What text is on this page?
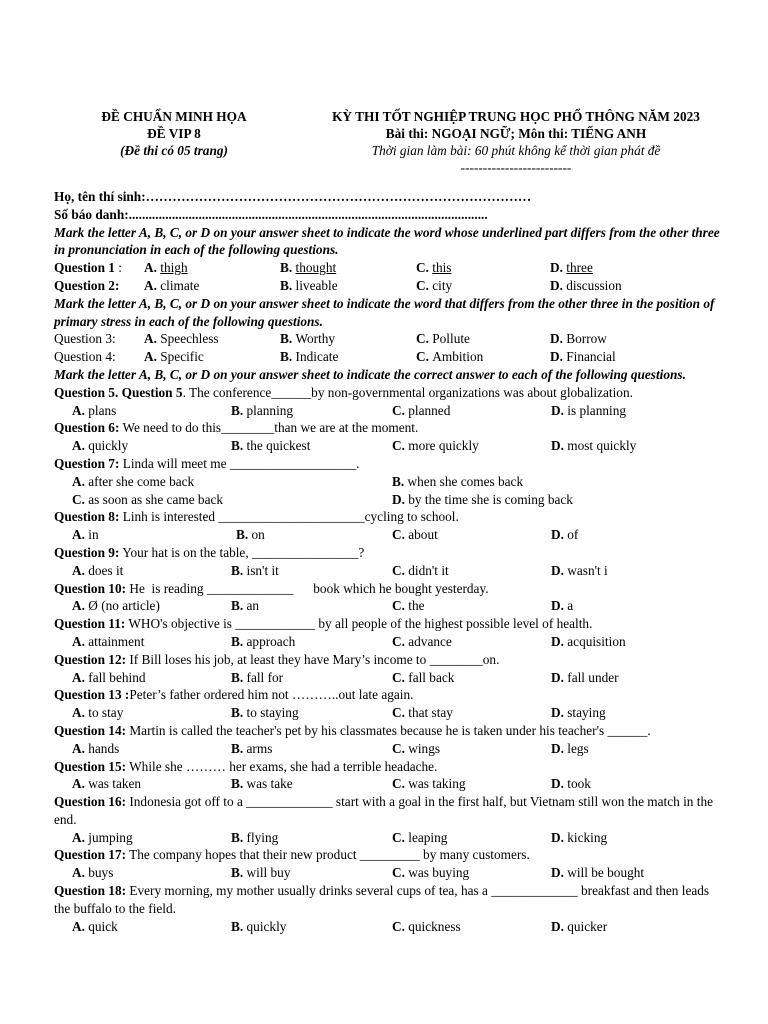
ĐỀ CHUẨN MINH HỌA
ĐỀ VIP 8
(Đề thi có 05 trang)
KỲ THI TỐT NGHIỆP TRUNG HỌC PHỔ THÔNG NĂM 2023
Bài thi: NGOẠI NGỮ; Môn thi: TIẾNG ANH
Thời gian làm bài: 60 phút không kể thời gian phát đề
-------------------------
Họ, tên thí sinh:……………………………………………………………………………
Số báo danh:............................................................................................................
Mark the letter A, B, C, or D on your answer sheet to indicate the word whose underlined part differs from the other three in pronunciation in each of the following questions.
Question 1 : A. thigh	B. thought	C. this	D. three
Question 2: A. climate	B. liveable	C. city	D. discussion
Mark the letter A, B, C, or D on your answer sheet to indicate the word that differs from the other three in the position of primary stress in each of the following questions.
Question 3: A. Speechless	B. Worthy	C. Pollute	D. Borrow
Question 4: A. Specific	B. Indicate	C. Ambition	D. Financial
Mark the letter A, B, C, or D on your answer sheet to indicate the correct answer to each of the following questions.
Question 5. Question 5. The conference______by non-governmental organizations was about globalization.
A. plans	B. planning	C. planned	D. is planning
Question 6: We need to do this________than we are at the moment.
A. quickly	B. the quickest	C. more quickly	D. most quickly
Question 7: Linda will meet me ___________________.
A. after she come back	B. when she comes back
C. as soon as she came back	D. by the time she is coming back
Question 8: Linh is interested ______________________cycling to school.
A. in	B. on	C. about	D. of
Question 9: Your hat is on the table, ________________?
A. does it	B. isn't it	C. didn't it	D. wasn't i
Question 10: He  is reading _____________      book which he bought yesterday.
A. Ø (no article)	B. an	C. the	D. a
Question 11: WHO's objective is ____________ by all people of the highest possible level of health.
A. attainment	B. approach	C. advance	D. acquisition
Question 12: If Bill loses his job, at least they have Mary’s income to ________on.
A. fall behind	B. fall for	C. fall back	D. fall under
Question 13 :Peter’s father ordered him not ………..out late again.
A. to stay	B. to staying	C. that stay	D. staying
Question 14: Martin is called the teacher's pet by his classmates because he is taken under his teacher's ______.
A. hands	B. arms	C. wings	D. legs
Question 15: While she ……… her exams, she had a terrible headache.
A. was taken	B. was take	C. was taking	D. took
Question 16: Indonesia got off to a _____________ start with a goal in the first half, but Vietnam still won the match in the end.
A. jumping	B. flying	C. leaping	D. kicking
Question 17: The company hopes that their new product _________ by many customers.
A. buys	B. will buy	C. was buying	D. will be bought
Question 18: Every morning, my mother usually drinks several cups of tea, has a _____________ breakfast and then leads the buffalo to the field.
A. quick	B. quickly	C. quickness	D. quicker
